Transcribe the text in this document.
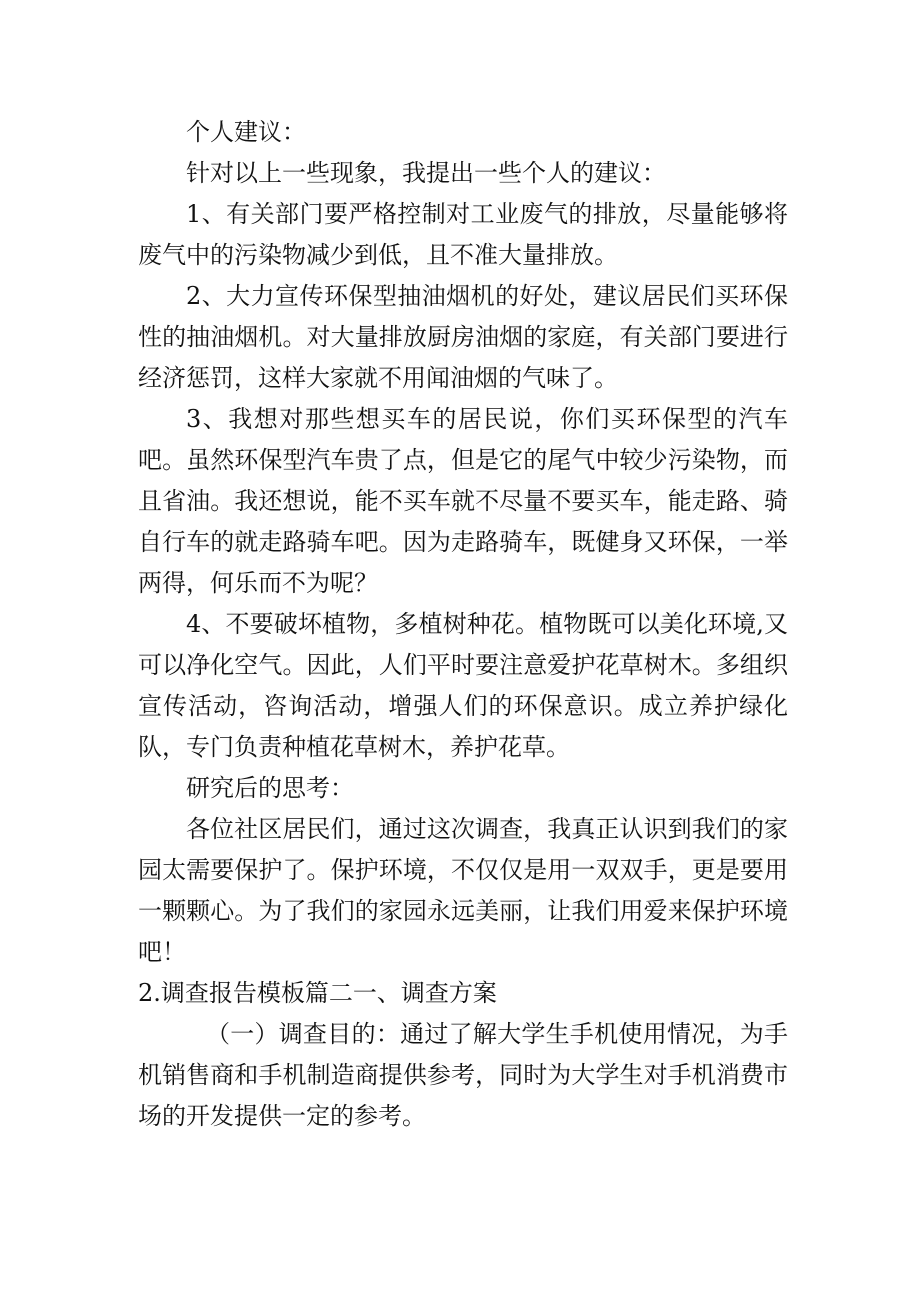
个人建议：

针对以上一些现象，我提出一些个人的建议：

1、有关部门要严格控制对工业废气的排放，尽量能够将废气中的污染物减少到低，且不准大量排放。

2、大力宣传环保型抽油烟机的好处，建议居民们买环保性的抽油烟机。对大量排放厨房油烟的家庭，有关部门要进行经济惩罚，这样大家就不用闻油烟的气味了。

3、我想对那些想买车的居民说，你们买环保型的汽车吧。虽然环保型汽车贵了点，但是它的尾气中较少污染物，而且省油。我还想说，能不买车就不尽量不要买车，能走路、骑自行车的就走路骑车吧。因为走路骑车，既健身又环保，一举两得，何乐而不为呢？

4、不要破坏植物，多植树种花。植物既可以美化环境,又可以净化空气。因此，人们平时要注意爱护花草树木。多组织宣传活动，咨询活动，增强人们的环保意识。成立养护绿化队，专门负责种植花草树木，养护花草。

研究后的思考：

各位社区居民们，通过这次调查，我真正认识到我们的家园太需要保护了。保护环境，不仅仅是用一双双手，更是要用一颗颗心。为了我们的家园永远美丽，让我们用爱来保护环境吧！

2.调查报告模板篇二一、调查方案

（一）调查目的：通过了解大学生手机使用情况，为手机销售商和手机制造商提供参考，同时为大学生对手机消费市场的开发提供一定的参考。
